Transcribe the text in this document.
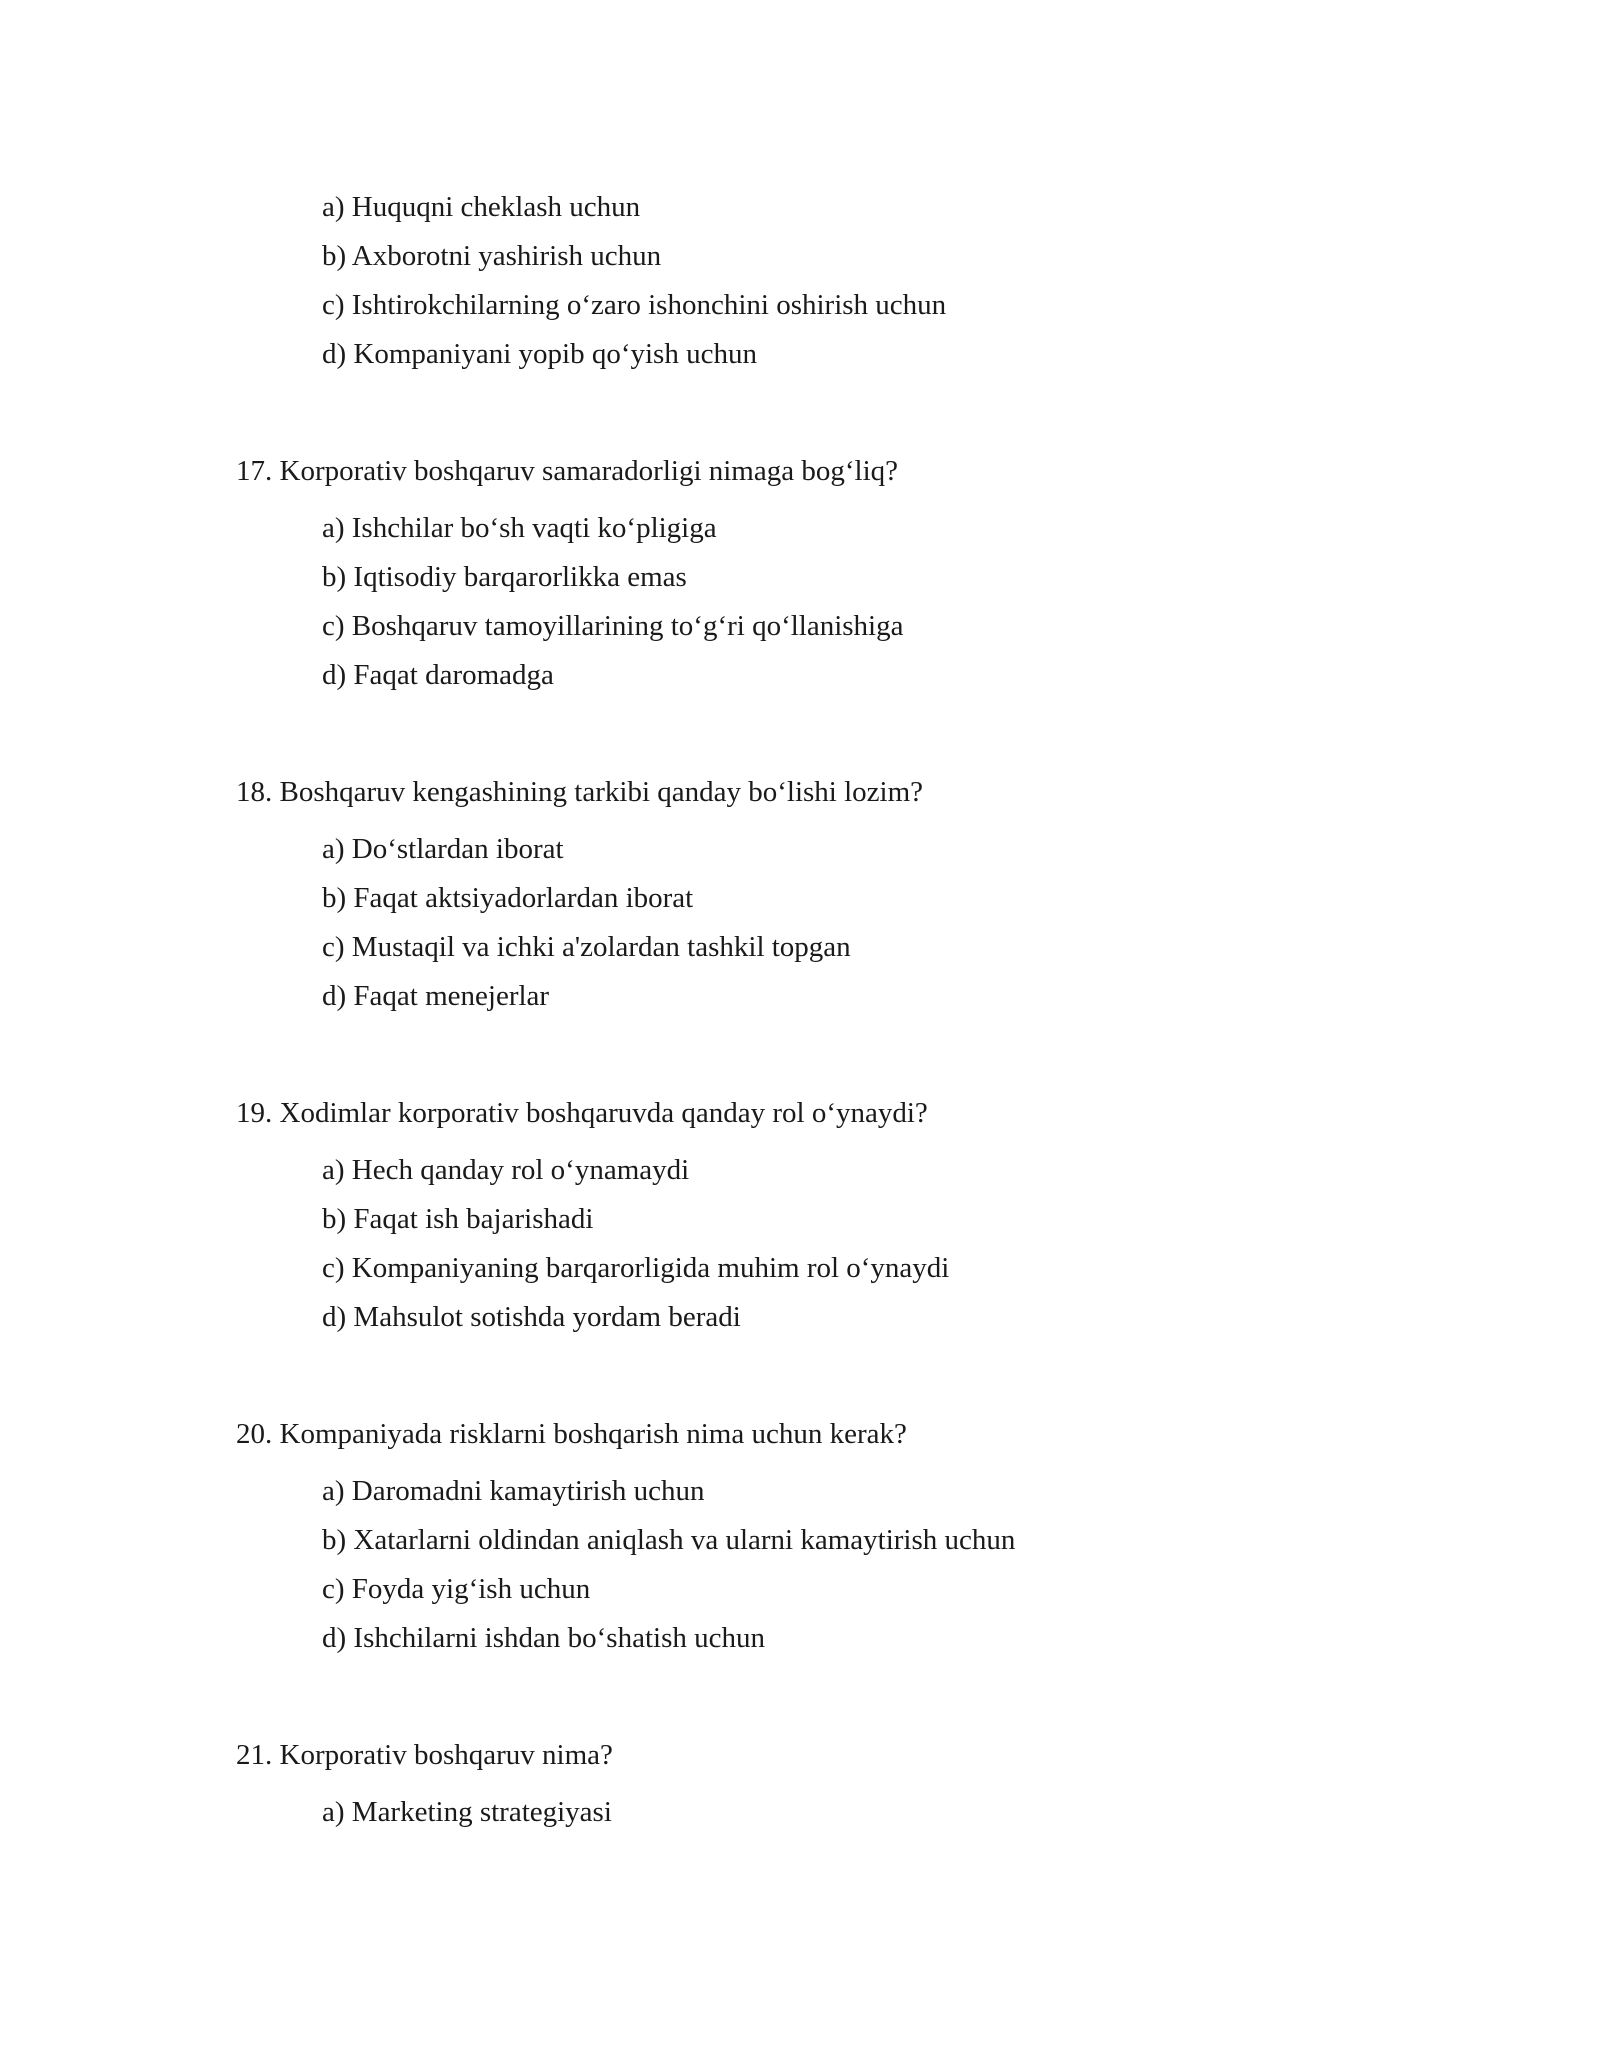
a) Huquqni cheklash uchun
b) Axborotni yashirish uchun
c) Ishtirokchilarning o‘zaro ishonchini oshirish uchun
d) Kompaniyani yopib qo‘yish uchun
17. Korporativ boshqaruv samaradorligi nimaga bog‘liq?
a) Ishchilar bo‘sh vaqti ko‘pligiga
b) Iqtisodiy barqarorlikka emas
c) Boshqaruv tamoyillarining to‘g‘ri qo‘llanishiga
d) Faqat daromadga
18. Boshqaruv kengashining tarkibi qanday bo‘lishi lozim?
a) Do‘stlardan iborat
b) Faqat aktsiyadorlardan iborat
c) Mustaqil va ichki a'zolardan tashkil topgan
d) Faqat menejerlar
19. Xodimlar korporativ boshqaruvda qanday rol o‘ynaydi?
a) Hech qanday rol o‘ynamaydi
b) Faqat ish bajarishadi
c) Kompaniyaning barqarorligida muhim rol o‘ynaydi
d) Mahsulot sotishda yordam beradi
20. Kompaniyada risklarni boshqarish nima uchun kerak?
a) Daromadni kamaytirish uchun
b) Xatarlarni oldindan aniqlash va ularni kamaytirish uchun
c) Foyda yig‘ish uchun
d) Ishchilarni ishdan bo‘shatish uchun
21. Korporativ boshqaruv nima?
a) Marketing strategiyasi
